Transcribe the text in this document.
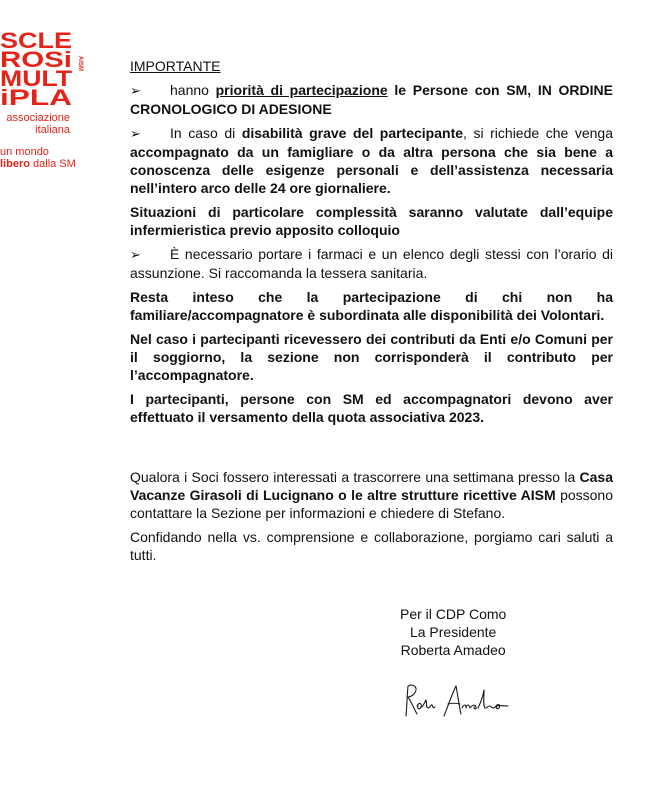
SCLE
ROSi
MULT
iPLA
AISM
associazione
italiana
un mondo
libero dalla SM

IMPORTANTE

➢ hanno priorità di partecipazione le Persone con SM, IN ORDINE CRONOLOGICO DI ADESIONE

➢ In caso di disabilità grave del partecipante, si richiede che venga accompagnato da un famigliare o da altra persona che sia bene a conoscenza delle esigenze personali e dell’assistenza necessaria nell’intero arco delle 24 ore giornaliere.

Situazioni di particolare complessità saranno valutate dall’equipe infermieristica previo apposito colloquio

➢ È necessario portare i farmaci e un elenco degli stessi con l’orario di assunzione. Si raccomanda la tessera sanitaria.

Resta inteso che la partecipazione di chi non ha familiare/accompagnatore è subordinata alle disponibilità dei Volontari.

Nel caso i partecipanti ricevessero dei contributi da Enti e/o Comuni per il soggiorno, la sezione non corrisponderà il contributo per l’accompagnatore.

I partecipanti, persone con SM ed accompagnatori devono aver effettuato il versamento della quota associativa 2023.

Qualora i Soci fossero interessati a trascorrere una settimana presso la Casa Vacanze Girasoli di Lucignano o le altre strutture ricettive AISM possono contattare la Sezione per informazioni e chiedere di Stefano.

Confidando nella vs. comprensione e collaborazione, porgiamo cari saluti a tutti.

Per il CDP Como
La Presidente
Roberta Amadeo
